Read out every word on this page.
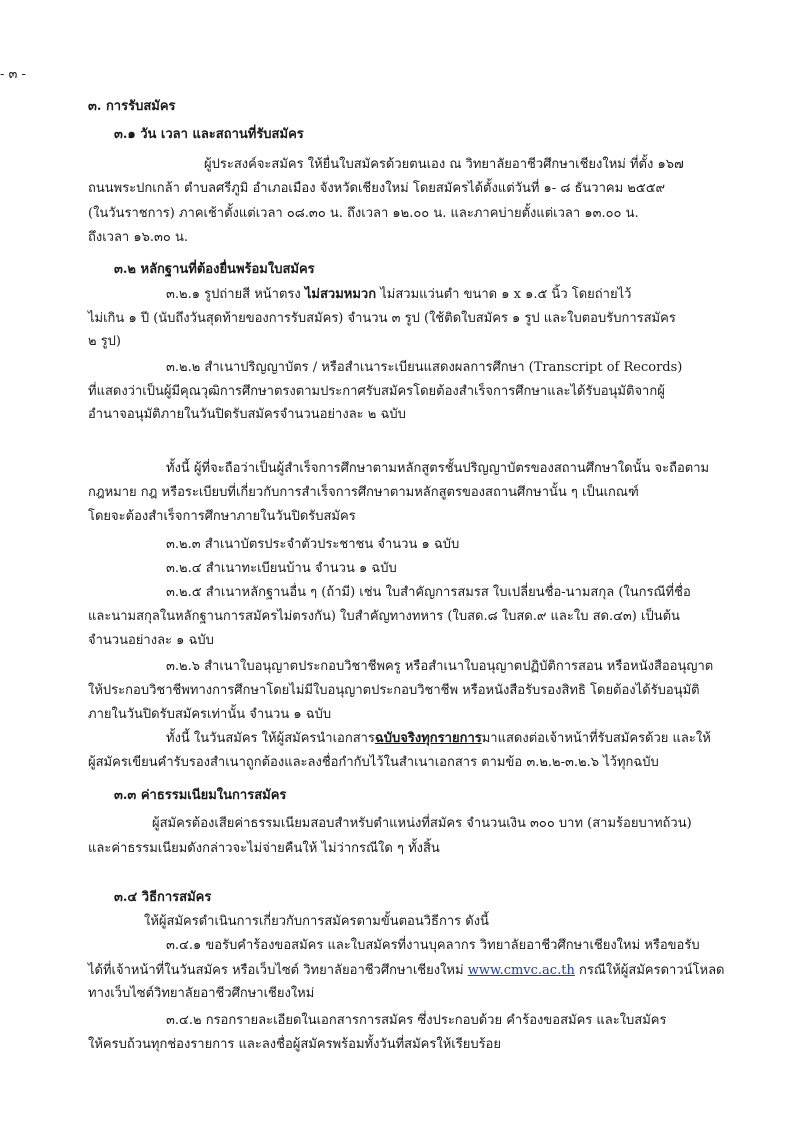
- ๓ -
๓. การรับสมัคร
๓.๑ วัน เวลา และสถานที่รับสมัคร
ผู้ประสงค์จะสมัคร ให้ยื่นใบสมัครด้วยตนเอง ณ วิทยาลัยอาชีวศึกษาเชียงใหม่ ที่ตั้ง ๑๖๗
ถนนพระปกเกล้า ตำบลศรีภูมิ อำเภอเมือง จังหวัดเชียงใหม่ โดยสมัครได้ตั้งแต่วันที่ ๑- ๘ ธันวาคม ๒๕๕๙
(ในวันราชการ) ภาคเช้าตั้งแต่เวลา ๐๘.๓๐ น. ถึงเวลา ๑๒.๐๐ น. และภาคบ่ายตั้งแต่เวลา ๑๓.๐๐ น.
ถึงเวลา ๑๖.๓๐ น.
๓.๒ หลักฐานที่ต้องยื่นพร้อมใบสมัคร
๓.๒.๑ รูปถ่ายสี หน้าตรง ไม่สวมหมวก ไม่สวมแว่นตำ ขนาด ๑ x ๑.๕ นิ้ว โดยถ่ายไว้
ไม่เกิน ๑ ปี (นับถึงวันสุดท้ายของการรับสมัคร) จำนวน ๓ รูป (ใช้ติดใบสมัคร ๑ รูป และใบตอบรับการสมัคร
๒ รูป)
๓.๒.๒ สำเนาปริญญาบัตร / หรือสำเนาระเบียนแสดงผลการศึกษา (Transcript of Records)
ที่แสดงว่าเป็นผู้มีคุณวุฒิการศึกษาตรงตามประกาศรับสมัครโดยต้องสำเร็จการศึกษาและได้รับอนุมัติจากผู้
อำนาจอนุมัติภายในวันปิดรับสมัครจำนวนอย่างละ ๒ ฉบับ
ทั้งนี้ ผู้ที่จะถือว่าเป็นผู้สำเร็จการศึกษาตามหลักสูตรชั้นปริญญาบัตรของสถานศึกษาใดนั้น จะถือตาม
กฎหมาย กฎ หรือระเบียบที่เกี่ยวกับการสำเร็จการศึกษาตามหลักสูตรของสถานศึกษานั้น ๆ เป็นเกณฑ์
โดยจะต้องสำเร็จการศึกษาภายในวันปิดรับสมัคร
๓.๒.๓ สำเนาบัตรประจำตัวประชาชน จำนวน ๑ ฉบับ
๓.๒.๔ สำเนาทะเบียนบ้าน จำนวน ๑ ฉบับ
๓.๒.๕ สำเนาหลักฐานอื่น ๆ (ถ้ามี) เช่น ใบสำคัญการสมรส ใบเปลี่ยนชื่อ-นามสกุล (ในกรณีที่ชื่อ
และนามสกุลในหลักฐานการสมัครไม่ตรงกัน) ใบสำคัญทางทหาร (ใบสด.๘ ใบสด.๙ และใบ สด.๔๓) เป็นต้น
จำนวนอย่างละ ๑ ฉบับ
๓.๒.๖ สำเนาใบอนุญาตประกอบวิชาชีพครู หรือสำเนาใบอนุญาตปฏิบัติการสอน หรือหนังสืออนุญาต
ให้ประกอบวิชาชีพทางการศึกษาโดยไม่มีใบอนุญาตประกอบวิชาชีพ หรือหนังสือรับรองสิทธิ โดยต้องได้รับอนุมัติ
ภายในวันปิดรับสมัครเท่านั้น จำนวน ๑ ฉบับ
ทั้งนี้ ในวันสมัคร ให้ผู้สมัครนำเอกสารฉบับจริงทุกรายการมาแสดงต่อเจ้าหน้าที่รับสมัครด้วย และให้
ผู้สมัครเขียนคำรับรองสำเนาถูกต้องและลงชื่อกำกับไว้ในสำเนาเอกสาร ตามข้อ ๓.๒.๒-๓.๒.๖ ไว้ทุกฉบับ
๓.๓ ค่าธรรมเนียมในการสมัคร
ผู้สมัครต้องเสียค่าธรรมเนียมสอบสำหรับตำแหน่งที่สมัคร จำนวนเงิน ๓๐๐ บาท (สามร้อยบาทถ้วน)
และค่าธรรมเนียมดังกล่าวจะไม่จ่ายคืนให้ ไม่ว่ากรณีใด ๆ ทั้งสิ้น
๓.๔ วิธีการสมัคร
ให้ผู้สมัครดำเนินการเกี่ยวกับการสมัครตามขั้นตอนวิธีการ ดังนี้
๓.๔.๑ ขอรับคำร้องขอสมัคร และใบสมัครที่งานบุคลากร วิทยาลัยอาชีวศึกษาเชียงใหม่ หรือขอรับ
ได้ที่เจ้าหน้าที่ในวันสมัคร หรือเว็บไซต์ วิทยาลัยอาชีวศึกษาเชียงใหม่ www.cmvc.ac.th กรณีให้ผู้สมัครดาวน์โหลด
ทางเว็บไซต์วิทยาลัยอาชีวศึกษาเชียงใหม่
๓.๔.๒ กรอกรายละเอียดในเอกสารการสมัคร ซึ่งประกอบด้วย คำร้องขอสมัคร และใบสมัคร
ให้ครบถ้วนทุกช่องรายการ และลงชื่อผู้สมัครพร้อมทั้งวันที่สมัครให้เรียบร้อย
